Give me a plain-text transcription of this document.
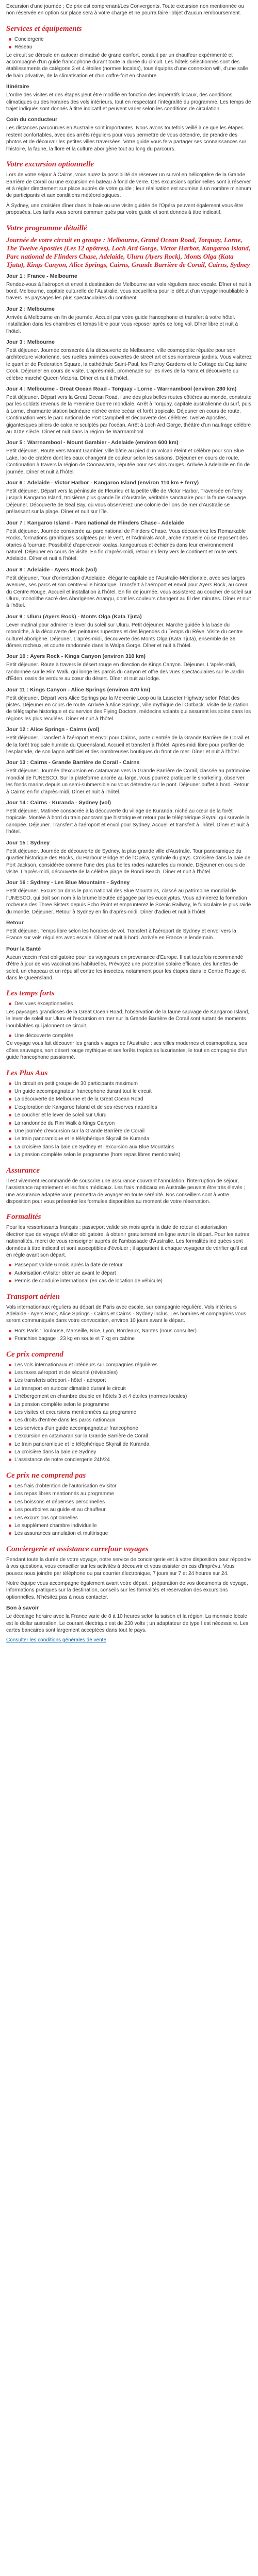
Excursion d'une journée ; Ce prix est comprenant/Les Convergents. Toute excursion non mentionnée ou non réservée en option sur place sera à votre charge et ne pourra faire l'objet d'aucun remboursement.
Services et équipements
Conciergerie
Réseau
Le circuit se déroule en autocar climatisé de grand confort, conduit par un chauffeur expérimenté et accompagné d'un guide francophone durant toute la durée du circuit. Les hôtels sélectionnés sont des établissements de catégorie 3 et 4 étoiles (normes locales), tous équipés d'une connexion wifi, d'une salle de bain privative, de la climatisation et d'un coffre-fort en chambre.
Itinéraire
L'ordre des visites et des étapes peut être modifié en fonction des impératifs locaux, des conditions climatiques ou des horaires des vols intérieurs, tout en respectant l'intégralité du programme. Les temps de trajet indiqués sont donnés à titre indicatif et peuvent varier selon les conditions de circulation.
Coin du conducteur
Les distances parcourues en Australie sont importantes. Nous avons toutefois veillé à ce que les étapes restent confortables, avec des arrêts réguliers pour vous permettre de vous détendre, de prendre des photos et de découvrir les petites villes traversées. Votre guide vous fera partager ses connaissances sur l'histoire, la faune, la flore et la culture aborigène tout au long du parcours.
Votre excursion optionnelle
Lors de votre séjour à Cairns, vous aurez la possibilité de réserver un survol en hélicoptère de la Grande Barrière de Corail ou une excursion en bateau à fond de verre. Ces excursions optionnelles sont à réserver et à régler directement sur place auprès de votre guide ; leur réalisation est soumise à un nombre minimum de participants et aux conditions météorologiques.
À Sydney, une croisière dîner dans la baie ou une visite guidée de l'Opéra peuvent également vous être proposées. Les tarifs vous seront communiqués par votre guide et sont donnés à titre indicatif.
Votre programme détaillé
Journée de votre circuit en groupe : Melbourne, Grand Ocean Road, Torquay, Lorne, The Twelve Apostles (Les 12 apôtres), Loch Ard Gorge, Victor Harbor, Kangaroo Island, Parc national de Flinders Chase, Adelaide, Uluru (Ayers Rock), Monts Olga (Kata Tjuta), Kings Canyon, Alice Springs, Cairns, Grande Barrière de Corail, Cairns, Sydney
Jour 1 : France - Melbourne
Rendez-vous à l'aéroport et envol à destination de Melbourne sur vols réguliers avec escale. Dîner et nuit à bord. Melbourne, capitale culturelle de l'Australie, vous accueillera pour le début d'un voyage inoubliable à travers les paysages les plus spectaculaires du continent.
Jour 2 : Melbourne
Arrivée à Melbourne en fin de journée. Accueil par votre guide francophone et transfert à votre hôtel. Installation dans les chambres et temps libre pour vous reposer après ce long vol. Dîner libre et nuit à l'hôtel.
Jour 3 : Melbourne
Petit déjeuner. Journée consacrée à la découverte de Melbourne, ville cosmopolite réputée pour son architecture victorienne, ses ruelles animées couvertes de street art et ses nombreux jardins. Vous visiterez le quartier de Federation Square, la cathédrale Saint-Paul, les Fitzroy Gardens et le Cottage du Capitaine Cook. Déjeuner en cours de visite. L'après-midi, promenade sur les rives de la Yarra et découverte du célèbre marché Queen Victoria. Dîner et nuit à l'hôtel.
Jour 4 : Melbourne - Great Ocean Road - Torquay - Lorne - Warrnambool (environ 280 km)
Petit déjeuner. Départ vers la Great Ocean Road, l'une des plus belles routes côtières au monde, construite par les soldats revenus de la Première Guerre mondiale. Arrêt à Torquay, capitale australienne du surf, puis à Lorne, charmante station balnéaire nichée entre océan et forêt tropicale. Déjeuner en cours de route. Continuation vers le parc national de Port Campbell et découverte des célèbres Twelve Apostles, gigantesques piliers de calcaire sculptés par l'océan. Arrêt à Loch Ard Gorge, théâtre d'un naufrage célèbre au XIXe siècle. Dîner et nuit dans la région de Warrnambool.
Jour 5 : Warrnambool - Mount Gambier - Adelaide (environ 600 km)
Petit déjeuner. Route vers Mount Gambier, ville bâtie au pied d'un volcan éteint et célèbre pour son Blue Lake, lac de cratère dont les eaux changent de couleur selon les saisons. Déjeuner en cours de route. Continuation à travers la région de Coonawarra, réputée pour ses vins rouges. Arrivée à Adelaide en fin de journée. Dîner et nuit à l'hôtel.
Jour 6 : Adelaide - Victor Harbor - Kangaroo Island (environ 110 km + ferry)
Petit déjeuner. Départ vers la péninsule de Fleurieu et la petite ville de Victor Harbor. Traversée en ferry jusqu'à Kangaroo Island, troisième plus grande île d'Australie, véritable sanctuaire pour la faune sauvage. Déjeuner. Découverte de Seal Bay, où vous observerez une colonie de lions de mer d'Australie se prélassant sur la plage. Dîner et nuit sur l'île.
Jour 7 : Kangaroo Island - Parc national de Flinders Chase - Adelaide
Petit déjeuner. Journée consacrée au parc national de Flinders Chase. Vous découvrirez les Remarkable Rocks, formations granitiques sculptées par le vent, et l'Admirals Arch, arche naturelle où se reposent des otaries à fourrure. Possibilité d'apercevoir koalas, kangourous et échidnés dans leur environnement naturel. Déjeuner en cours de visite. En fin d'après-midi, retour en ferry vers le continent et route vers Adelaide. Dîner et nuit à l'hôtel.
Jour 8 : Adelaide - Ayers Rock (vol)
Petit déjeuner. Tour d'orientation d'Adelaide, élégante capitale de l'Australie-Méridionale, avec ses larges avenues, ses parcs et son centre-ville historique. Transfert à l'aéroport et envol pour Ayers Rock, au cœur du Centre Rouge. Accueil et installation à l'hôtel. En fin de journée, vous assisterez au coucher de soleil sur Uluru, monolithe sacré des Aborigènes Anangu, dont les couleurs changent au fil des minutes. Dîner et nuit à l'hôtel.
Jour 9 : Uluru (Ayers Rock) - Monts Olga (Kata Tjuta)
Lever matinal pour admirer le lever du soleil sur Uluru. Petit déjeuner. Marche guidée à la base du monolithe, à la découverte des peintures rupestres et des légendes du Temps du Rêve. Visite du centre culturel aborigène. Déjeuner. L'après-midi, découverte des Monts Olga (Kata Tjuta), ensemble de 36 dômes rocheux, et courte randonnée dans la Walpa Gorge. Dîner et nuit à l'hôtel.
Jour 10 : Ayers Rock - Kings Canyon (environ 310 km)
Petit déjeuner. Route à travers le désert rouge en direction de Kings Canyon. Déjeuner. L'après-midi, randonnée sur le Rim Walk, qui longe les parois du canyon et offre des vues spectaculaires sur le Jardin d'Éden, oasis de verdure au cœur du désert. Dîner et nuit au lodge.
Jour 11 : Kings Canyon - Alice Springs (environ 470 km)
Petit déjeuner. Départ vers Alice Springs par la Mereenie Loop ou la Lasseter Highway selon l'état des pistes. Déjeuner en cours de route. Arrivée à Alice Springs, ville mythique de l'Outback. Visite de la station de télégraphe historique et du service des Flying Doctors, médecins volants qui assurent les soins dans les régions les plus reculées. Dîner et nuit à l'hôtel.
Jour 12 : Alice Springs - Cairns (vol)
Petit déjeuner. Transfert à l'aéroport et envol pour Cairns, porte d'entrée de la Grande Barrière de Corail et de la forêt tropicale humide du Queensland. Accueil et transfert à l'hôtel. Après-midi libre pour profiter de l'esplanade, de son lagon artificiel et des nombreuses boutiques du front de mer. Dîner et nuit à l'hôtel.
Jour 13 : Cairns - Grande Barrière de Corail - Cairns
Petit déjeuner. Journée d'excursion en catamaran vers la Grande Barrière de Corail, classée au patrimoine mondial de l'UNESCO. Sur la plateforme ancrée au large, vous pourrez pratiquer le snorkeling, observer les fonds marins depuis un semi-submersible ou vous détendre sur le pont. Déjeuner buffet à bord. Retour à Cairns en fin d'après-midi. Dîner et nuit à l'hôtel.
Jour 14 : Cairns - Kuranda - Sydney (vol)
Petit déjeuner. Matinée consacrée à la découverte du village de Kuranda, niché au cœur de la forêt tropicale. Montée à bord du train panoramique historique et retour par le téléphérique Skyrail qui survole la canopée. Déjeuner. Transfert à l'aéroport et envol pour Sydney. Accueil et transfert à l'hôtel. Dîner et nuit à l'hôtel.
Jour 15 : Sydney
Petit déjeuner. Journée de découverte de Sydney, la plus grande ville d'Australie. Tour panoramique du quartier historique des Rocks, du Harbour Bridge et de l'Opéra, symbole du pays. Croisière dans la baie de Port Jackson, considérée comme l'une des plus belles rades naturelles du monde. Déjeuner en cours de visite. L'après-midi, découverte de la célèbre plage de Bondi Beach. Dîner et nuit à l'hôtel.
Jour 16 : Sydney - Les Blue Mountains - Sydney
Petit déjeuner. Excursion dans le parc national des Blue Mountains, classé au patrimoine mondial de l'UNESCO, qui doit son nom à la brume bleutée dégagée par les eucalyptus. Vous admirerez la formation rocheuse des Three Sisters depuis Echo Point et emprunterez le Scenic Railway, le funiculaire le plus raide du monde. Déjeuner. Retour à Sydney en fin d'après-midi. Dîner d'adieu et nuit à l'hôtel.
Retour
Petit déjeuner. Temps libre selon les horaires de vol. Transfert à l'aéroport de Sydney et envol vers la France sur vols réguliers avec escale. Dîner et nuit à bord. Arrivée en France le lendemain.
Pour la Santé
Aucun vaccin n'est obligatoire pour les voyageurs en provenance d'Europe. Il est toutefois recommandé d'être à jour de vos vaccinations habituelles. Prévoyez une protection solaire efficace, des lunettes de soleil, un chapeau et un répulsif contre les insectes, notamment pour les étapes dans le Centre Rouge et dans le Queensland.
Les temps forts
Des vues exceptionnelles
Les paysages grandioses de la Great Ocean Road, l'observation de la faune sauvage de Kangaroo Island, le lever de soleil sur Uluru et l'excursion en mer sur la Grande Barrière de Corail sont autant de moments inoubliables qui jalonnent ce circuit.
Une découverte complète
Ce voyage vous fait découvrir les grands visages de l'Australie : ses villes modernes et cosmopolites, ses côtes sauvages, son désert rouge mythique et ses forêts tropicales luxuriantes, le tout en compagnie d'un guide francophone passionné.
Les Plus Aus
Un circuit en petit groupe de 30 participants maximum
Un guide accompagnateur francophone durant tout le circuit
La découverte de Melbourne et de la Great Ocean Road
L'exploration de Kangaroo Island et de ses réserves naturelles
Le coucher et le lever de soleil sur Uluru
La randonnée du Rim Walk à Kings Canyon
Une journée d'excursion sur la Grande Barrière de Corail
Le train panoramique et le téléphérique Skyrail de Kuranda
La croisière dans la baie de Sydney et l'excursion aux Blue Mountains
La pension complète selon le programme (hors repas libres mentionnés)
Assurance
Il est vivement recommandé de souscrire une assurance couvrant l'annulation, l'interruption de séjour, l'assistance rapatriement et les frais médicaux. Les frais médicaux en Australie peuvent être très élevés ; une assurance adaptée vous permettra de voyager en toute sérénité. Nos conseillers sont à votre disposition pour vous présenter les formules disponibles au moment de votre réservation.
Formalités
Pour les ressortissants français : passeport valide six mois après la date de retour et autorisation électronique de voyage eVisitor obligatoire, à obtenir gratuitement en ligne avant le départ. Pour les autres nationalités, merci de vous renseigner auprès de l'ambassade d'Australie. Les formalités indiquées sont données à titre indicatif et sont susceptibles d'évoluer ; il appartient à chaque voyageur de vérifier qu'il est en règle avant son départ.
Passeport valide 6 mois après la date de retour
Autorisation eVisitor obtenue avant le départ
Permis de conduire international (en cas de location de véhicule)
Transport aérien
Vols internationaux réguliers au départ de Paris avec escale, sur compagnie régulière. Vols intérieurs Adelaide - Ayers Rock, Alice Springs - Cairns et Cairns - Sydney inclus. Les horaires et compagnies vous seront communiqués dans votre convocation, environ 10 jours avant le départ.
Hors Paris : Toulouse, Marseille, Nice, Lyon, Bordeaux, Nantes (nous consulter)
Franchise bagage : 23 kg en soute et 7 kg en cabine
Ce prix comprend
Les vols internationaux et intérieurs sur compagnies régulières
Les taxes aéroport et de sécurité (révisables)
Les transferts aéroport - hôtel - aéroport
Le transport en autocar climatisé durant le circuit
L'hébergement en chambre double en hôtels 3 et 4 étoiles (normes locales)
La pension complète selon le programme
Les visites et excursions mentionnées au programme
Les droits d'entrée dans les parcs nationaux
Les services d'un guide accompagnateur francophone
L'excursion en catamaran sur la Grande Barrière de Corail
Le train panoramique et le téléphérique Skyrail de Kuranda
La croisière dans la baie de Sydney
L'assistance de notre conciergerie 24h/24
Ce prix ne comprend pas
Les frais d'obtention de l'autorisation eVisitor
Les repas libres mentionnés au programme
Les boissons et dépenses personnelles
Les pourboires au guide et au chauffeur
Les excursions optionnelles
Le supplément chambre individuelle
Les assurances annulation et multirisque
Conciergerie et assistance carrefour voyages
Pendant toute la durée de votre voyage, notre service de conciergerie est à votre disposition pour répondre à vos questions, vous conseiller sur les activités à découvrir et vous assister en cas d'imprévu. Vous pouvez nous joindre par téléphone ou par courrier électronique, 7 jours sur 7 et 24 heures sur 24.
Notre équipe vous accompagne également avant votre départ : préparation de vos documents de voyage, informations pratiques sur la destination, conseils sur les formalités et réservation des excursions optionnelles. N'hésitez pas à nous contacter.
Bon à savoir
Le décalage horaire avec la France varie de 8 à 10 heures selon la saison et la région. La monnaie locale est le dollar australien. Le courant électrique est de 230 volts ; un adaptateur de type I est nécessaire. Les cartes bancaires sont largement acceptées dans tout le pays.
Consulter les conditions générales de vente
